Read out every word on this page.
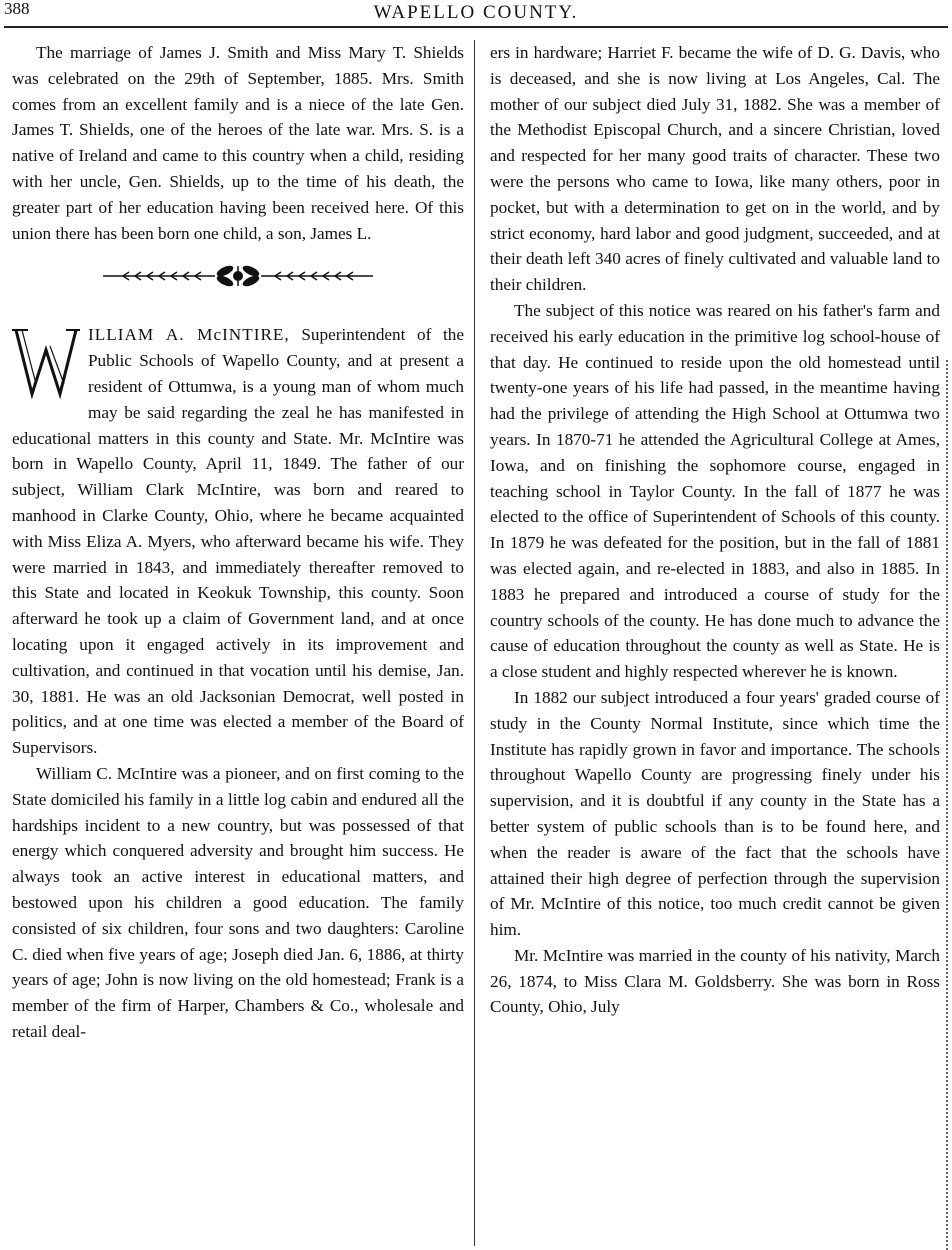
388	WAPELLO COUNTY.

The marriage of James J. Smith and Miss Mary T. Shields was celebrated on the 29th of September, 1885. Mrs. Smith comes from an excellent family and is a niece of the late Gen. James T. Shields, one of the heroes of the late war. Mrs. S. is a native of Ireland and came to this country when a child, residing with her uncle, Gen. Shields, up to the time of his death, the greater part of her education having been received here. Of this union there has been born one child, a son, James L.

ILLIAM A. McINTIRE, Superintendent of the Public Schools of Wapello County, and at present a resident of Ottumwa, is a young man of whom much may be said regarding the zeal he has manifested in educational matters in this county and State. Mr. McIntire was born in Wapello County, April 11, 1849. The father of our subject, William Clark McIntire, was born and reared to manhood in Clarke County, Ohio, where he became acquainted with Miss Eliza A. Myers, who afterward became his wife. They were married in 1843, and immediately thereafter removed to this State and located in Keokuk Township, this county. Soon afterward he took up a claim of Government land, and at once locating upon it engaged actively in its improvement and cultivation, and continued in that vocation until his demise, Jan. 30, 1881. He was an old Jacksonian Democrat, well posted in politics, and at one time was elected a member of the Board of Supervisors.

William C. McIntire was a pioneer, and on first coming to the State domiciled his family in a little log cabin and endured all the hardships incident to a new country, but was possessed of that energy which conquered adversity and brought him success. He always took an active interest in educational matters, and bestowed upon his children a good education. The family consisted of six children, four sons and two daughters: Caroline C. died when five years of age; Joseph died Jan. 6, 1886, at thirty years of age; John is now living on the old homestead; Frank is a member of the firm of Harper, Chambers & Co., wholesale and retail deal-

ers in hardware; Harriet F. became the wife of D. G. Davis, who is deceased, and she is now living at Los Angeles, Cal. The mother of our subject died July 31, 1882. She was a member of the Methodist Episcopal Church, and a sincere Christian, loved and respected for her many good traits of character. These two were the persons who came to Iowa, like many others, poor in pocket, but with a determination to get on in the world, and by strict economy, hard labor and good judgment, succeeded, and at their death left 340 acres of finely cultivated and valuable land to their children.

The subject of this notice was reared on his father's farm and received his early education in the primitive log school-house of that day. He continued to reside upon the old homestead until twenty-one years of his life had passed, in the meantime having had the privilege of attending the High School at Ottumwa two years. In 1870-71 he attended the Agricultural College at Ames, Iowa, and on finishing the sophomore course, engaged in teaching school in Taylor County. In the fall of 1877 he was elected to the office of Superintendent of Schools of this county. In 1879 he was defeated for the position, but in the fall of 1881 was elected again, and re-elected in 1883, and also in 1885. In 1883 he prepared and introduced a course of study for the country schools of the county. He has done much to advance the cause of education throughout the county as well as State. He is a close student and highly respected wherever he is known.

In 1882 our subject introduced a four years' graded course of study in the County Normal Institute, since which time the Institute has rapidly grown in favor and importance. The schools throughout Wapello County are progressing finely under his supervision, and it is doubtful if any county in the State has a better system of public schools than is to be found here, and when the reader is aware of the fact that the schools have attained their high degree of perfection through the supervision of Mr. McIntire of this notice, too much credit cannot be given him.

Mr. McIntire was married in the county of his nativity, March 26, 1874, to Miss Clara M. Goldsberry. She was born in Ross County, Ohio, July
